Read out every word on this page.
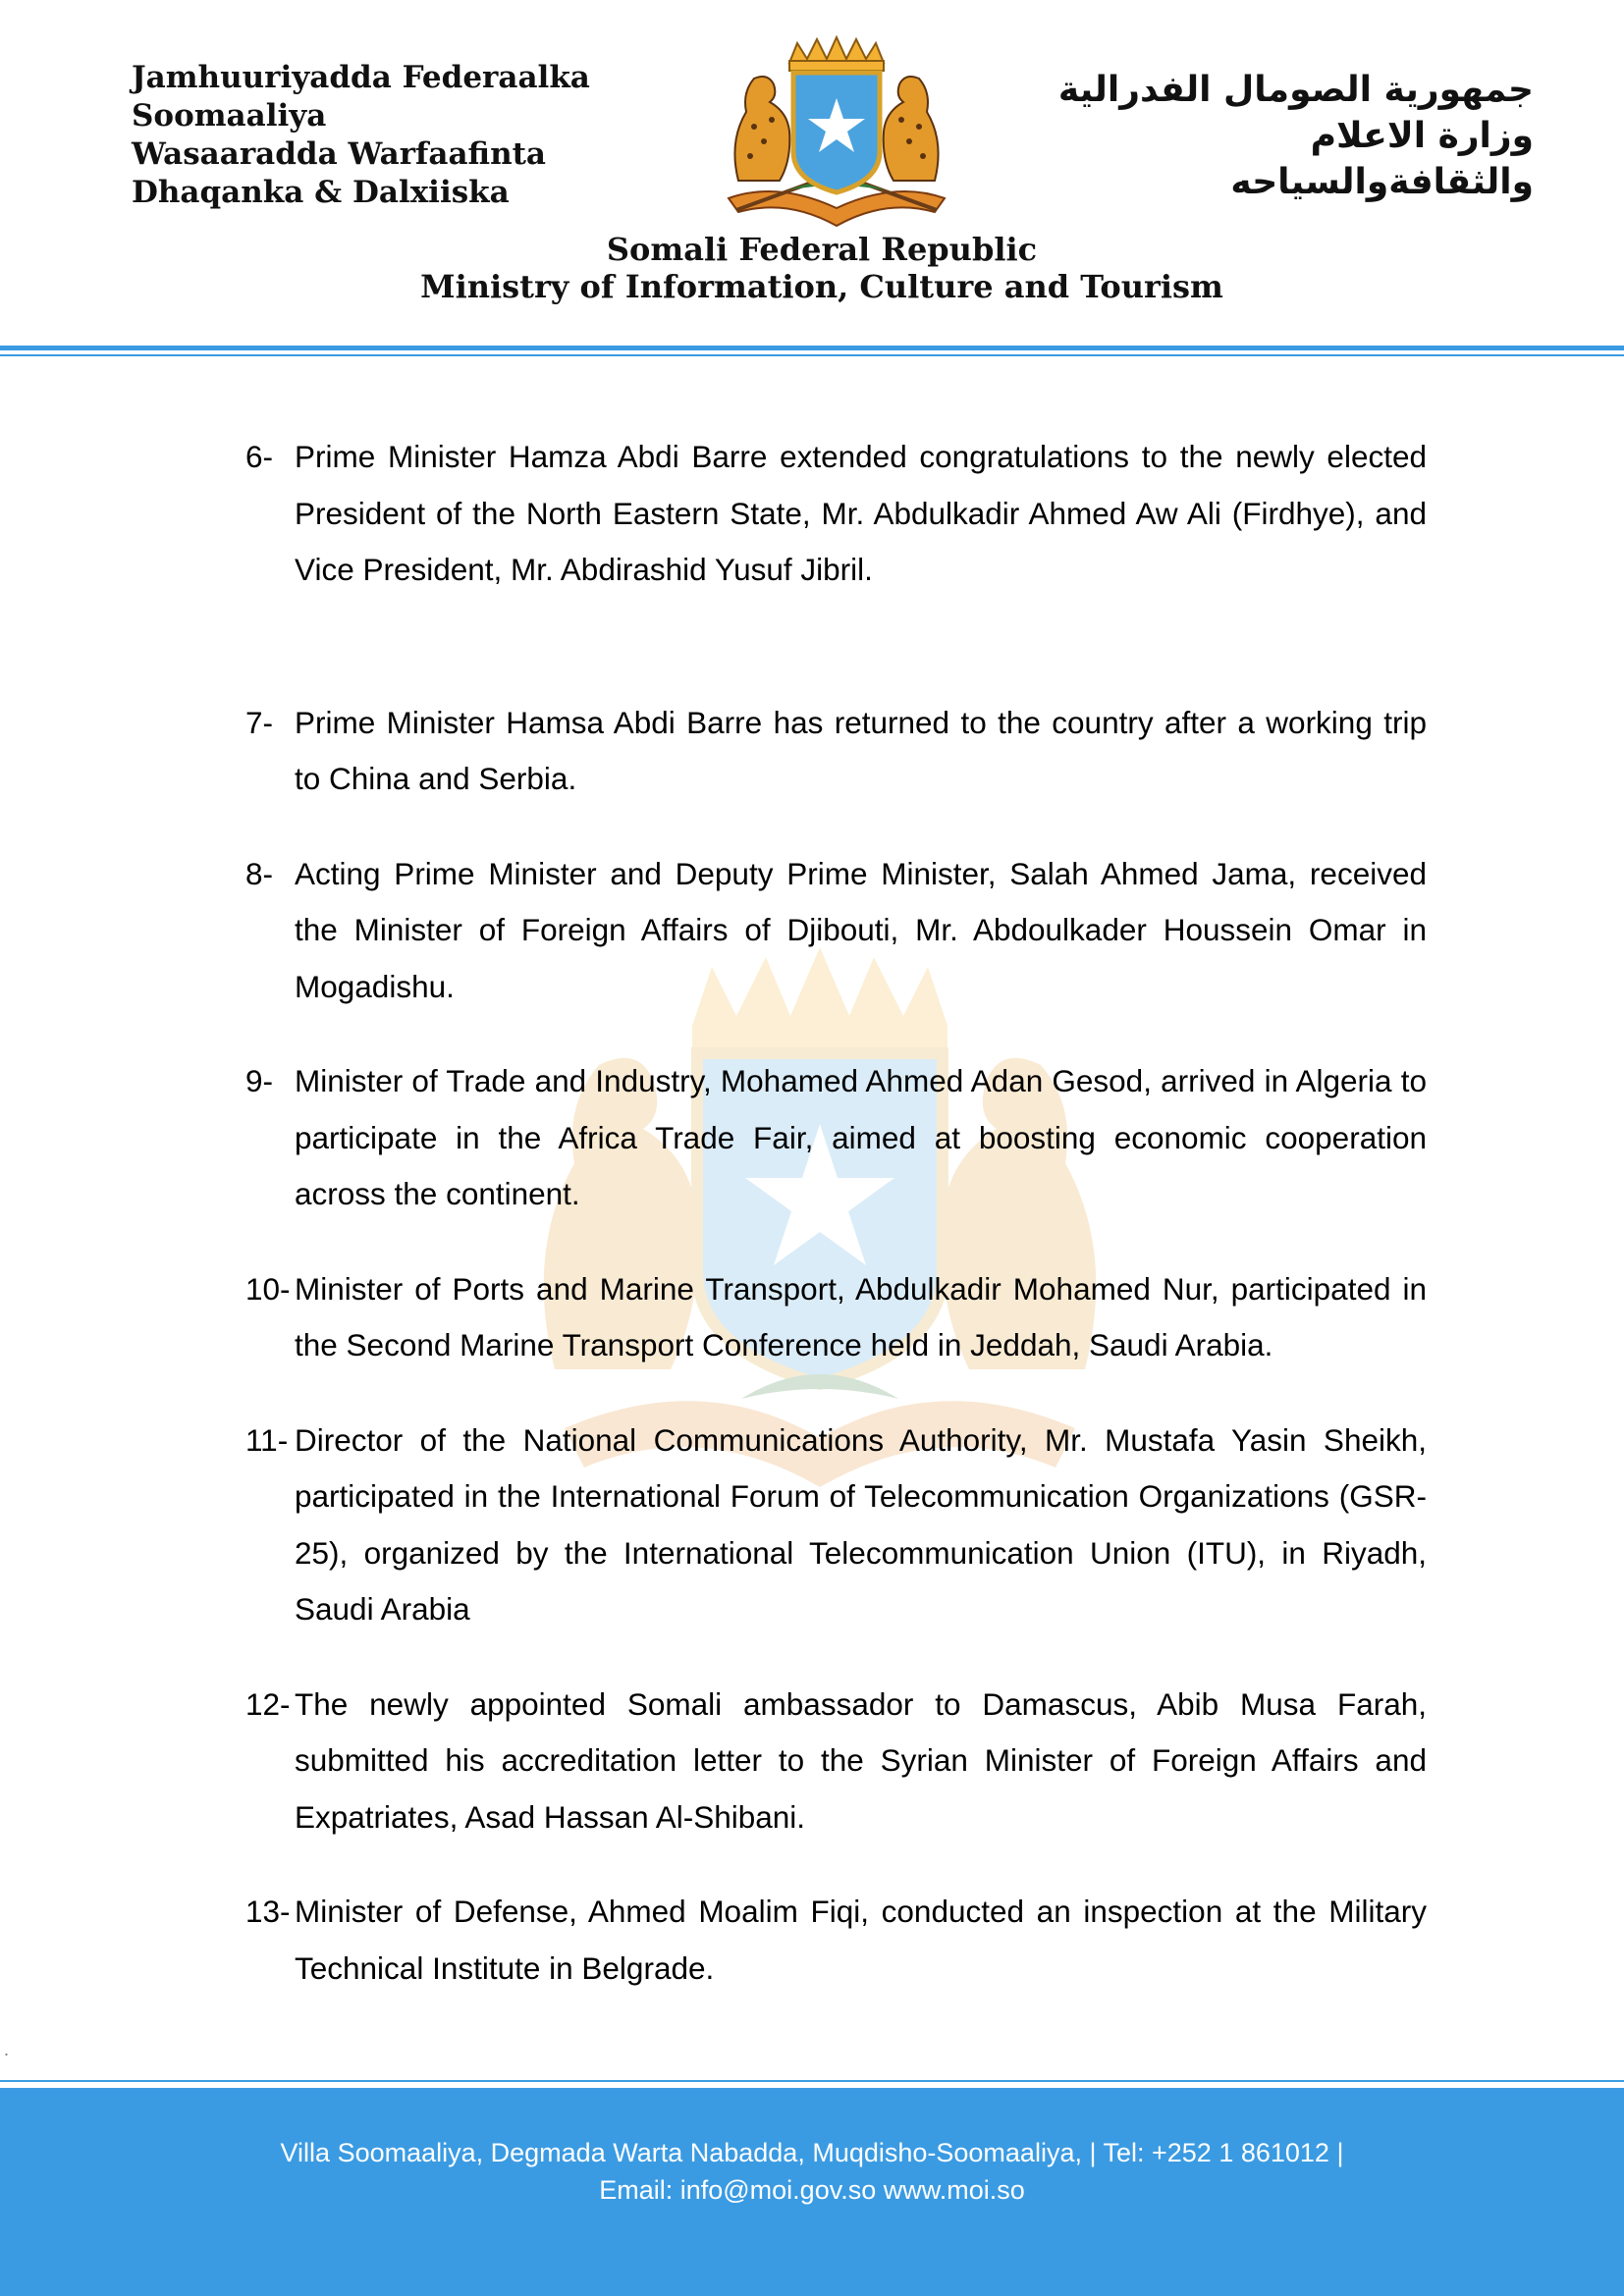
Jamhuuriyadda Federaalka
Soomaaliya
Wasaaradda Warfaafinta
Dhaqanka & Dalxiiska
جمهورية الصومال الفدرالية
وزارة الاعلام
والثقافةوالسياحه
Somali Federal Republic
Ministry of Information, Culture and Tourism
6- Prime Minister Hamza Abdi Barre extended congratulations to the newly elected President of the North Eastern State, Mr. Abdulkadir Ahmed Aw Ali (Firdhye), and Vice President, Mr. Abdirashid Yusuf Jibril.
7- Prime Minister Hamsa Abdi Barre has returned to the country after a working trip to China and Serbia.
8- Acting Prime Minister and Deputy Prime Minister, Salah Ahmed Jama, received the Minister of Foreign Affairs of Djibouti, Mr. Abdoulkader Houssein Omar in Mogadishu.
9- Minister of Trade and Industry, Mohamed Ahmed Adan Gesod, arrived in Algeria to participate in the Africa Trade Fair, aimed at boosting economic cooperation across the continent.
10- Minister of Ports and Marine Transport, Abdulkadir Mohamed Nur, participated in the Second Marine Transport Conference held in Jeddah, Saudi Arabia.
11- Director of the National Communications Authority, Mr. Mustafa Yasin Sheikh, participated in the International Forum of Telecommunication Organizations (GSR-25), organized by the International Telecommunication Union (ITU), in Riyadh, Saudi Arabia
12- The newly appointed Somali ambassador to Damascus, Abib Musa Farah, submitted his accreditation letter to the Syrian Minister of Foreign Affairs and Expatriates, Asad Hassan Al-Shibani.
13- Minister of Defense, Ahmed Moalim Fiqi, conducted an inspection at the Military Technical Institute in Belgrade.
.
Villa Soomaaliya, Degmada Warta Nabadda, Muqdisho-Soomaaliya, | Tel: +252 1 861012 |
Email: info@moi.gov.so www.moi.so
